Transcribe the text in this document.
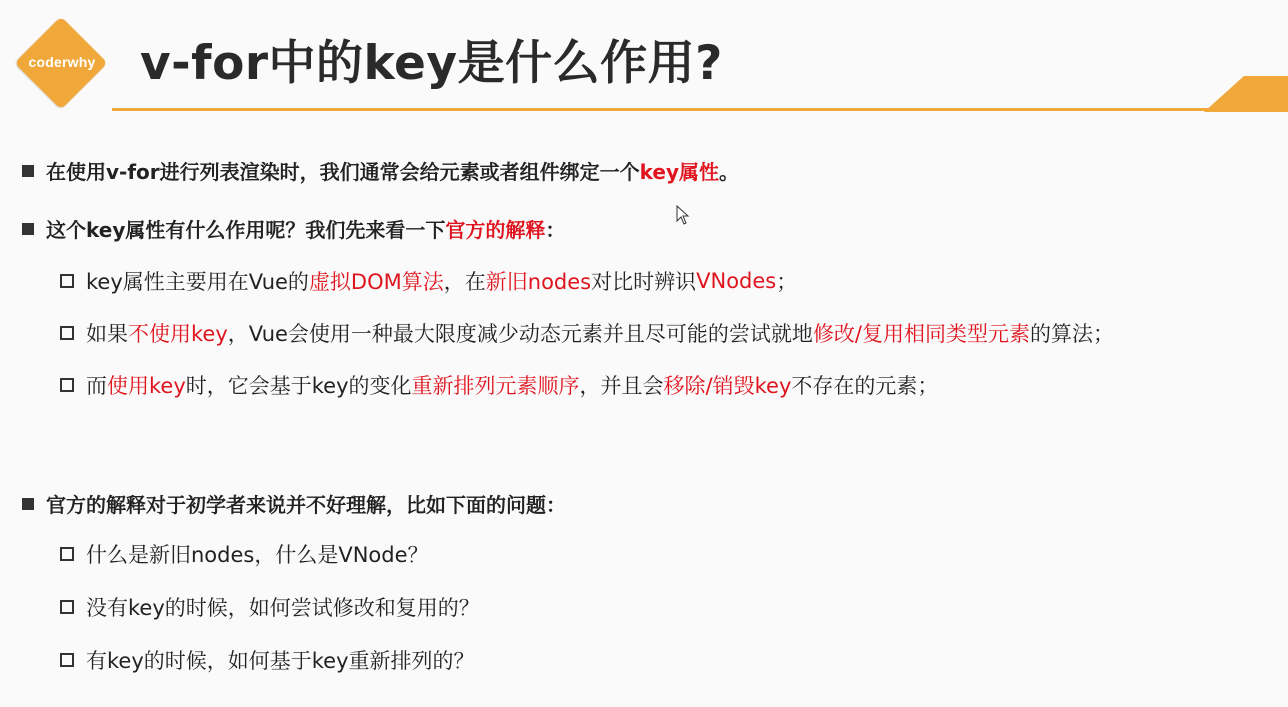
coderwhy v-for中的key是什么作用?
在使用v-for进行列表渲染时，我们通常会给元素或者组件绑定一个 key属性 。
这个key属性有什么作用呢？我们先来看一下 官方的解释 ：
key属性主要用在Vue的 虚拟DOM算法 ，在 新旧nodes 对比时辨识 VNodes ；
如果 不使用key ，Vue会使用一种最大限度减少动态元素并且尽可能的尝试就地 修改/复用相同类型元素 的算法；
而 使用key 时，它会基于key的变化 重新排列元素顺序 ，并且会 移除/销毁key 不存在的元素；
官方的解释对于初学者来说并不好理解，比如下面的问题：
什么是新旧nodes，什么是VNode？
没有key的时候，如何尝试修改和复用的？
有key的时候，如何基于key重新排列的？
